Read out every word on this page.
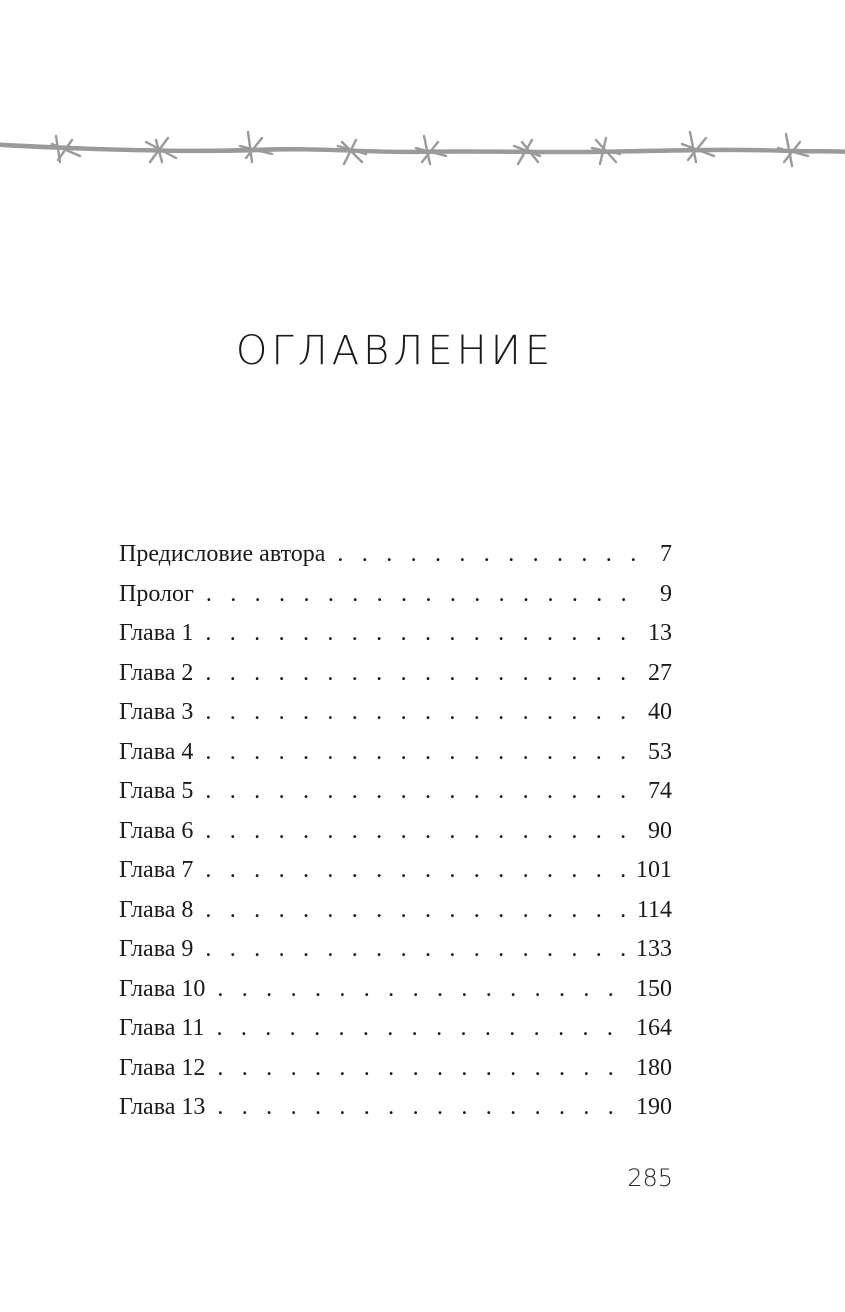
ОГЛАВЛЕНИЕ
Предисловие автора . . .	7
Пролог . . .	9
Глава 1 . . .	13
Глава 2 . . .	27
Глава 3 . . .	40
Глава 4 . . .	53
Глава 5 . . .	74
Глава 6 . . .	90
Глава 7 . . .	101
Глава 8 . . .	114
Глава 9 . . .	133
Глава 10 . . .	150
Глава 11 . . .	164
Глава 12 . . .	180
Глава 13 . . .	190
285
